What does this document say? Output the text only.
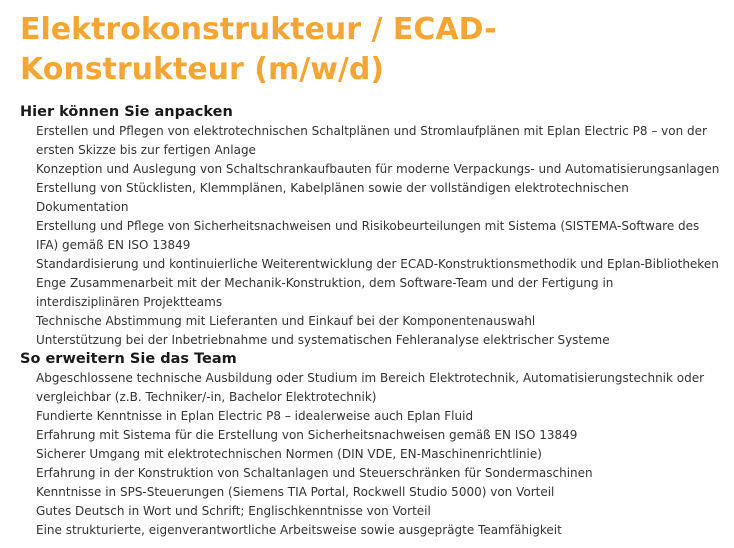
Elektrokonstrukteur / ECAD-Konstrukteur (m/w/d)
Hier können Sie anpacken
Erstellen und Pflegen von elektrotechnischen Schaltplänen und Stromlaufplänen mit Eplan Electric P8 – von der ersten Skizze bis zur fertigen Anlage
Konzeption und Auslegung von Schaltschrankaufbauten für moderne Verpackungs- und Automatisierungsanlagen
Erstellung von Stücklisten, Klemmplänen, Kabelplänen sowie der vollständigen elektrotechnischen Dokumentation
Erstellung und Pflege von Sicherheitsnachweisen und Risikobeurteilungen mit Sistema (SISTEMA-Software des IFA) gemäß EN ISO 13849
Standardisierung und kontinuierliche Weiterentwicklung der ECAD-Konstruktionsmethodik und Eplan-Bibliotheken
Enge Zusammenarbeit mit der Mechanik-Konstruktion, dem Software-Team und der Fertigung in interdisziplinären Projektteams
Technische Abstimmung mit Lieferanten und Einkauf bei der Komponentenauswahl
Unterstützung bei der Inbetriebnahme und systematischen Fehleranalyse elektrischer Systeme
So erweitern Sie das Team
Abgeschlossene technische Ausbildung oder Studium im Bereich Elektrotechnik, Automatisierungstechnik oder vergleichbar (z.B. Techniker/-in, Bachelor Elektrotechnik)
Fundierte Kenntnisse in Eplan Electric P8 – idealerweise auch Eplan Fluid
Erfahrung mit Sistema für die Erstellung von Sicherheitsnachweisen gemäß EN ISO 13849
Sicherer Umgang mit elektrotechnischen Normen (DIN VDE, EN-Maschinenrichtlinie)
Erfahrung in der Konstruktion von Schaltanlagen und Steuerschränken für Sondermaschinen
Kenntnisse in SPS-Steuerungen (Siemens TIA Portal, Rockwell Studio 5000) von Vorteil
Gutes Deutsch in Wort und Schrift; Englischkenntnisse von Vorteil
Eine strukturierte, eigenverantwortliche Arbeitsweise sowie ausgeprägte Teamfähigkeit
